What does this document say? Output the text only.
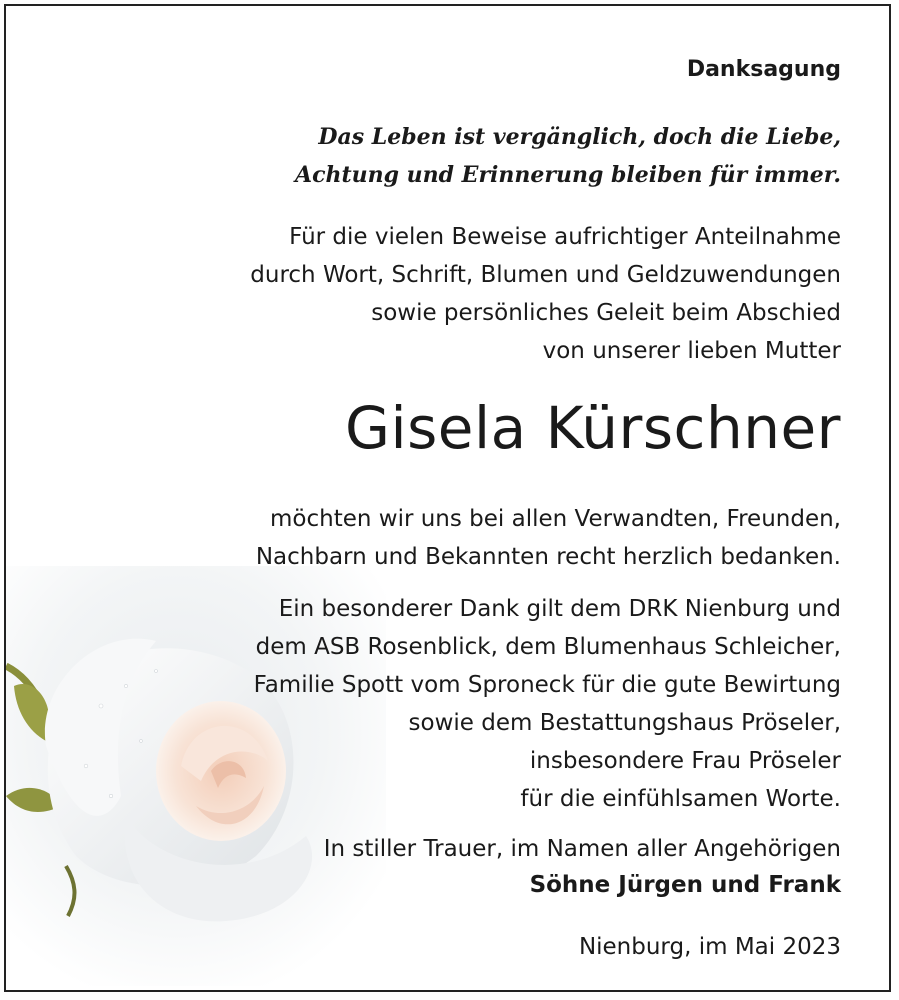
Danksagung

Das Leben ist vergänglich, doch die Liebe,
Achtung und Erinnerung bleiben für immer.

Für die vielen Beweise aufrichtiger Anteilnahme
durch Wort, Schrift, Blumen und Geldzuwendungen
sowie persönliches Geleit beim Abschied
von unserer lieben Mutter

Gisela Kürschner

möchten wir uns bei allen Verwandten, Freunden,
Nachbarn und Bekannten recht herzlich bedanken.

Ein besonderer Dank gilt dem DRK Nienburg und
dem ASB Rosenblick, dem Blumenhaus Schleicher,
Familie Spott vom Sproneck für die gute Bewirtung
sowie dem Bestattungshaus Pröseler,
insbesondere Frau Pröseler
für die einfühlsamen Worte.

In stiller Trauer, im Namen aller Angehörigen

Söhne Jürgen und Frank

Nienburg, im Mai 2023
